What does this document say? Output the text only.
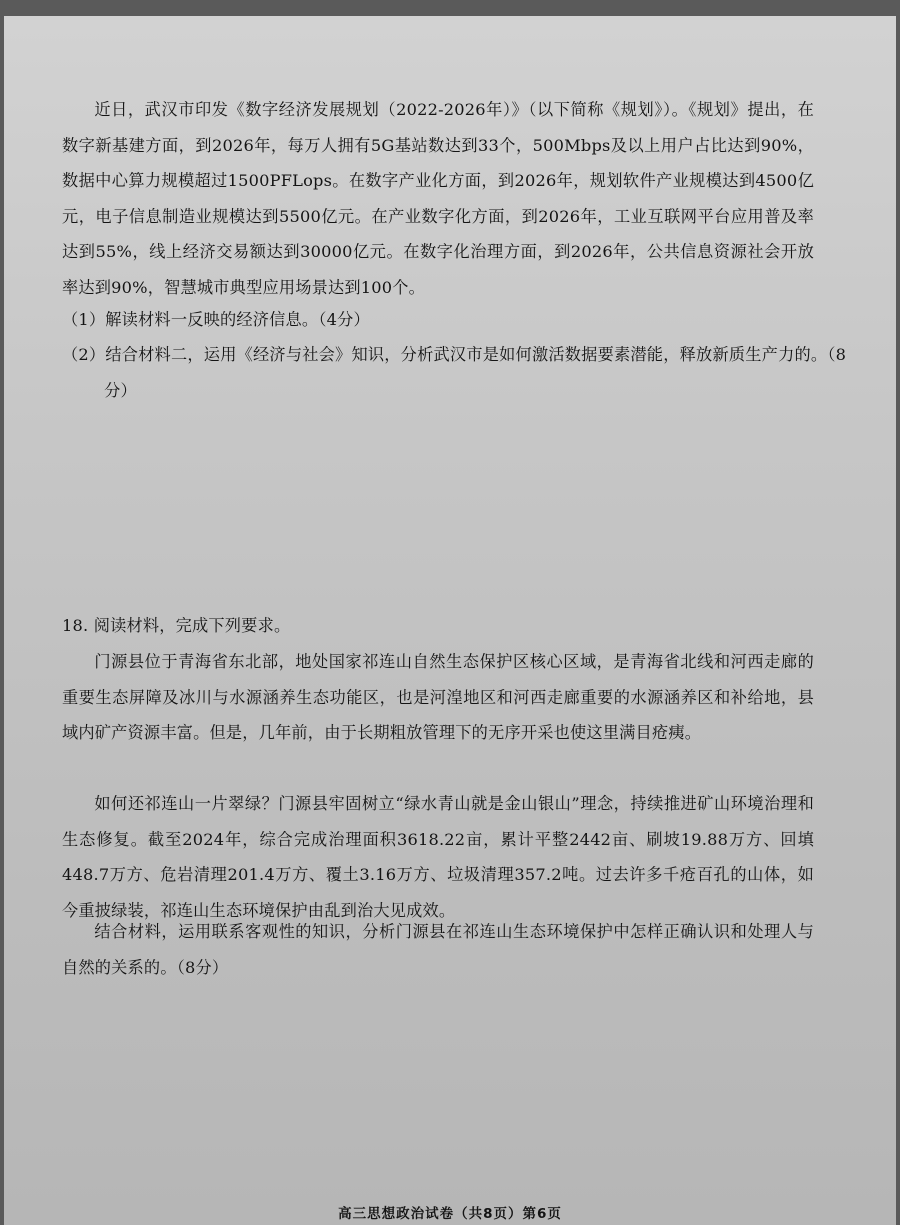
近日，武汉市印发《数字经济发展规划（2022-2026年）》（以下简称《规划》）。《规划》提出，在数字新基建方面，到2026年，每万人拥有5G基站数达到33个，500Mbps及以上用户占比达到90%，数据中心算力规模超过1500PFLops。在数字产业化方面，到2026年，规划软件产业规模达到4500亿元，电子信息制造业规模达到5500亿元。在产业数字化方面，到2026年，工业互联网平台应用普及率达到55%，线上经济交易额达到30000亿元。在数字化治理方面，到2026年，公共信息资源社会开放率达到90%，智慧城市典型应用场景达到100个。

（1）解读材料一反映的经济信息。（4分）

（2）结合材料二，运用《经济与社会》知识，分析武汉市是如何激活数据要素潜能，释放新质生产力的。（8分）

18. 阅读材料，完成下列要求。

门源县位于青海省东北部，地处国家祁连山自然生态保护区核心区域，是青海省北线和河西走廊的重要生态屏障及冰川与水源涵养生态功能区，也是河湟地区和河西走廊重要的水源涵养区和补给地，县域内矿产资源丰富。但是，几年前，由于长期粗放管理下的无序开采也使这里满目疮痍。

如何还祁连山一片翠绿？门源县牢固树立“绿水青山就是金山银山”理念，持续推进矿山环境治理和生态修复。截至2024年，综合完成治理面积3618.22亩，累计平整2442亩、刷坡19.88万方、回填448.7万方、危岩清理201.4万方、覆土3.16万方、垃圾清理357.2吨。过去许多千疮百孔的山体，如今重披绿装，祁连山生态环境保护由乱到治大见成效。

结合材料，运用联系客观性的知识，分析门源县在祁连山生态环境保护中怎样正确认识和处理人与自然的关系的。（8分）

高三思想政治试卷（共8页）第6页
